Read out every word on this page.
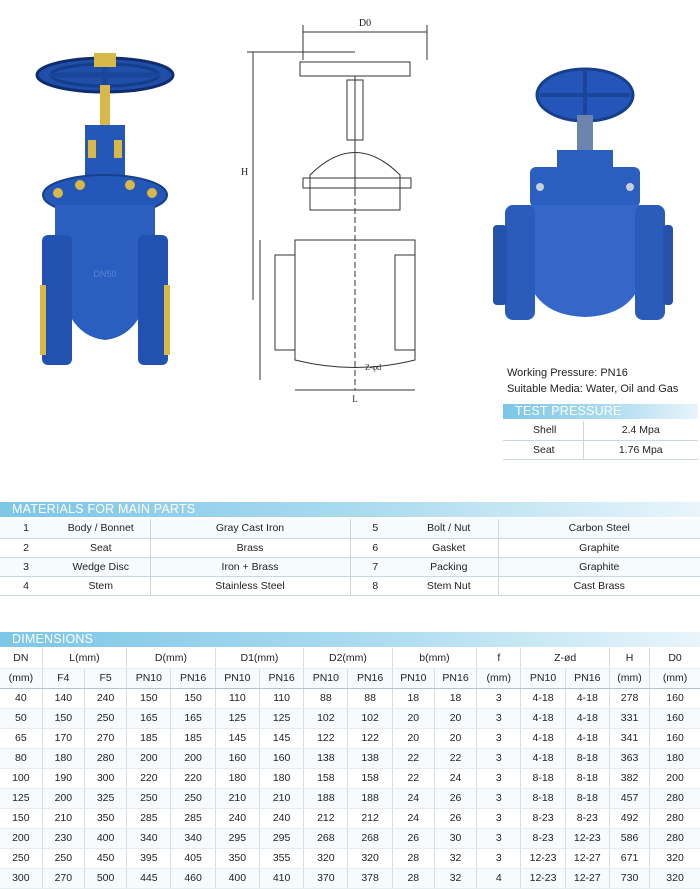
DN50
D0
H
Z-φd
L
Working Pressure: PN16
Suitable Media: Water, Oil and Gas
TEST PRESSURE
Shell	2.4 Mpa
Seat	1.76 Mpa
MATERIALS FOR MAIN PARTS
1	Body / Bonnet	Gray Cast Iron	5	Bolt / Nut	Carbon Steel
2	Seat	Brass	6	Gasket	Graphite
3	Wedge Disc	Iron + Brass	7	Packing	Graphite
4	Stem	Stainless Steel	8	Stem Nut	Cast Brass
DIMENSIONS
DN	L(mm)		D(mm)		D1(mm)		D2(mm)		b(mm)		f	Z-ød		H	D0
(mm)	F4	F5	PN10	PN16	PN10	PN16	PN10	PN16	PN10	PN16	(mm)	PN10	PN16	(mm)	(mm)
40	140	240	150	150	110	110	88	88	18	18	3	4-18	4-18	278	160
50	150	250	165	165	125	125	102	102	20	20	3	4-18	4-18	331	160
65	170	270	185	185	145	145	122	122	20	20	3	4-18	4-18	341	160
80	180	280	200	200	160	160	138	138	22	22	3	4-18	8-18	363	180
100	190	300	220	220	180	180	158	158	22	24	3	8-18	8-18	382	200
125	200	325	250	250	210	210	188	188	24	26	3	8-18	8-18	457	280
150	210	350	285	285	240	240	212	212	24	26	3	8-23	8-23	492	280
200	230	400	340	340	295	295	268	268	26	30	3	8-23	12-23	586	280
250	250	450	395	405	350	355	320	320	28	32	3	12-23	12-27	671	320
300	270	500	445	460	400	410	370	378	28	32	4	12-23	12-27	730	320
